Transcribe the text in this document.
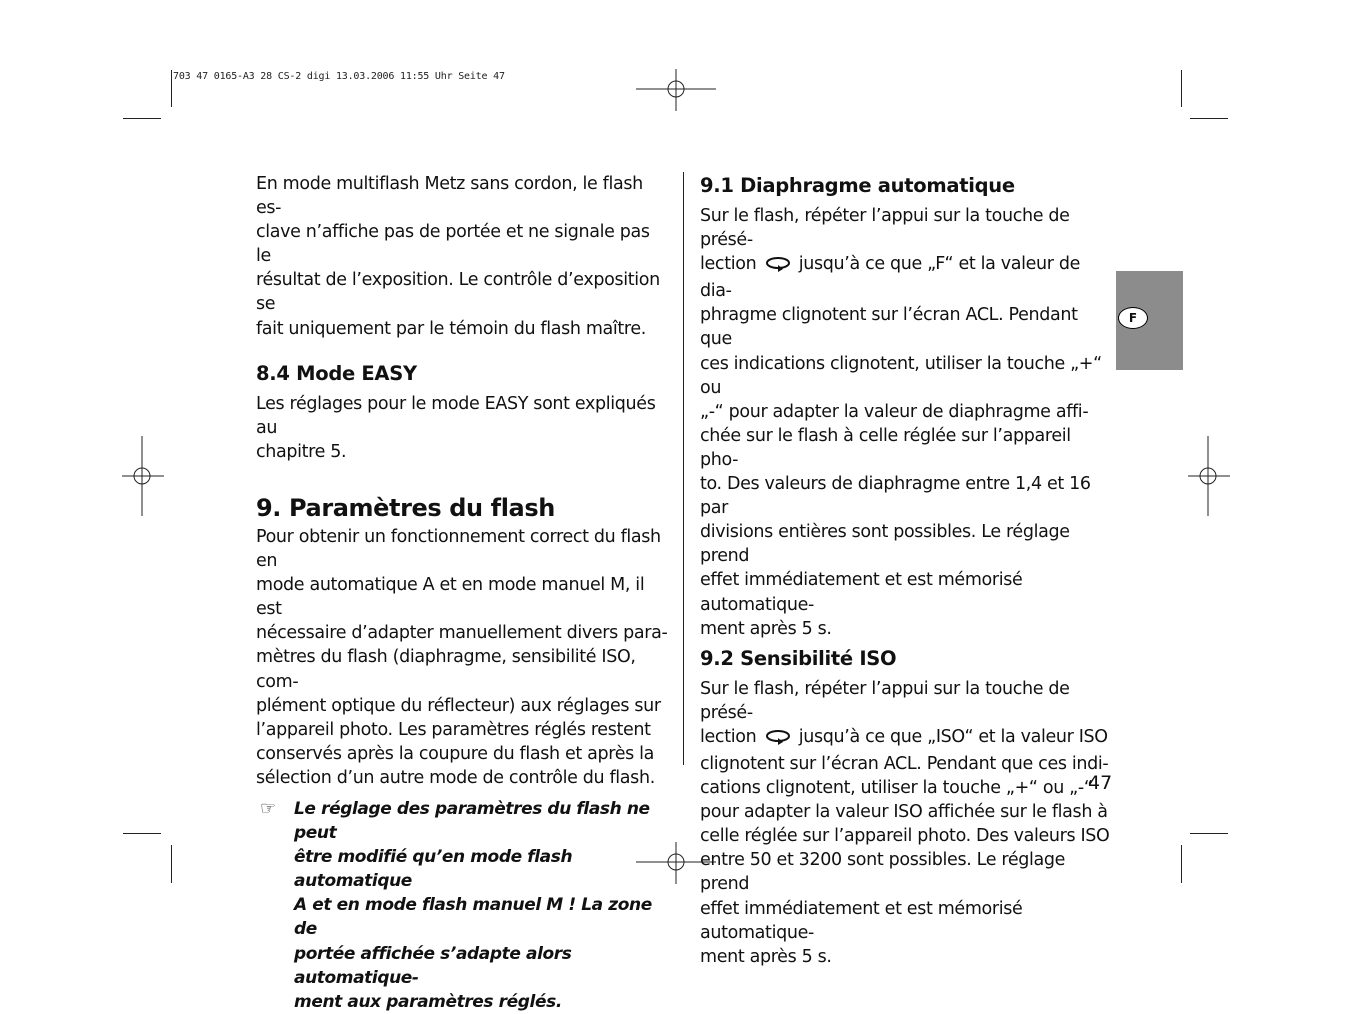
703 47 0165-A3 28 CS-2 digi 13.03.2006 11:55 Uhr Seite 47

En mode multiflash Metz sans cordon, le flash es-
clave n’affiche pas de portée et ne signale pas le
résultat de l’exposition. Le contrôle d’exposition se
fait uniquement par le témoin du flash maître.

8.4 Mode EASY

Les réglages pour le mode EASY sont expliqués au
chapitre 5.

9. Paramètres du flash

Pour obtenir un fonctionnement correct du flash en
mode automatique A et en mode manuel M, il est
nécessaire d’adapter manuellement divers para-
mètres du flash (diaphragme, sensibilité ISO, com-
plément optique du réflecteur) aux réglages sur
l’appareil photo. Les paramètres réglés restent
conservés après la coupure du flash et après la
sélection d’un autre mode de contrôle du flash.

☞ Le réglage des paramètres du flash ne peut
être modifié qu’en mode flash automatique
A et en mode flash manuel M ! La zone de
portée affichée s’adapte alors automatique-
ment aux paramètres réglés.

9.1 Diaphragme automatique

Sur le flash, répéter l’appui sur la touche de présé-

lection jusqu’à ce que „F“ et la valeur de dia-

phragme clignotent sur l’écran ACL. Pendant que
ces indications clignotent, utiliser la touche „+“ ou
„-“ pour adapter la valeur de diaphragme affi-
chée sur le flash à celle réglée sur l’appareil pho-
to. Des valeurs de diaphragme entre 1,4 et 16 par
divisions entières sont possibles. Le réglage prend
effet immédiatement et est mémorisé automatique-
ment après 5 s.

9.2 Sensibilité ISO

Sur le flash, répéter l’appui sur la touche de présé-

lection jusqu’à ce que „ISO“ et la valeur ISO

clignotent sur l’écran ACL. Pendant que ces indi-
cations clignotent, utiliser la touche „+“ ou „-“
pour adapter la valeur ISO affichée sur le flash à
celle réglée sur l’appareil photo. Des valeurs ISO
entre 50 et 3200 sont possibles. Le réglage prend
effet immédiatement et est mémorisé automatique-
ment après 5 s.

F
47
